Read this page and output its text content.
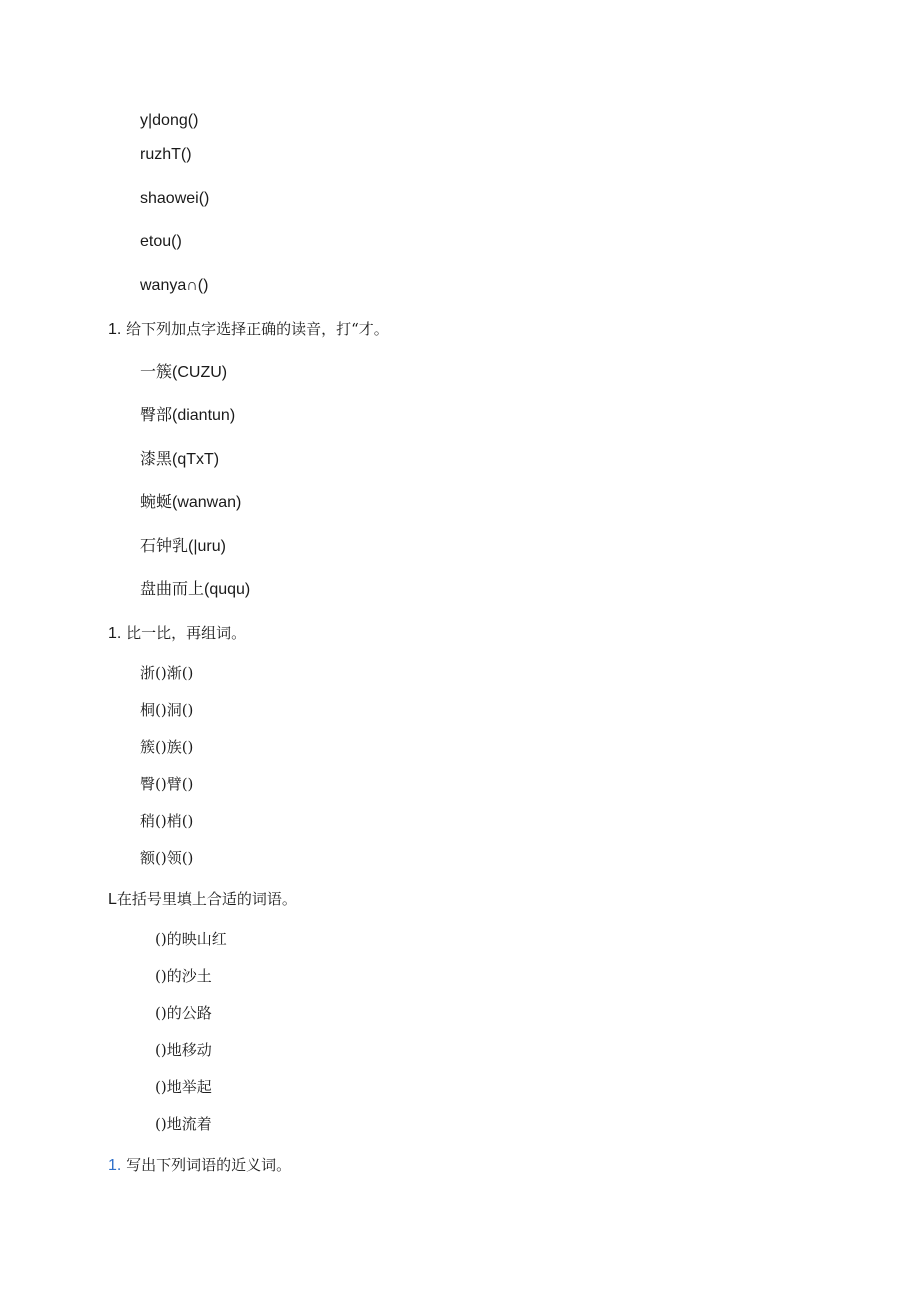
y|dong()
ruzhT()
shaowei()
etou()
wanya∩()
1. 给下列加点字选择正确的读音，打“才。
一簇(CUZU)
臀部(diantun)
漆黑(qTxT)
蜿蜒(wanwan)
石钟乳(|uru)
盘曲而上(ququ)
1. 比一比，再组词。
浙()渐()
桐()洞()
簇()族()
臀()臂()
稍()梢()
额()领()
L在括号里填上合适的词语。
()的映山红
()的沙土
()的公路
()地移动
()地举起
()地流着
1. 写出下列词语的近义词。
